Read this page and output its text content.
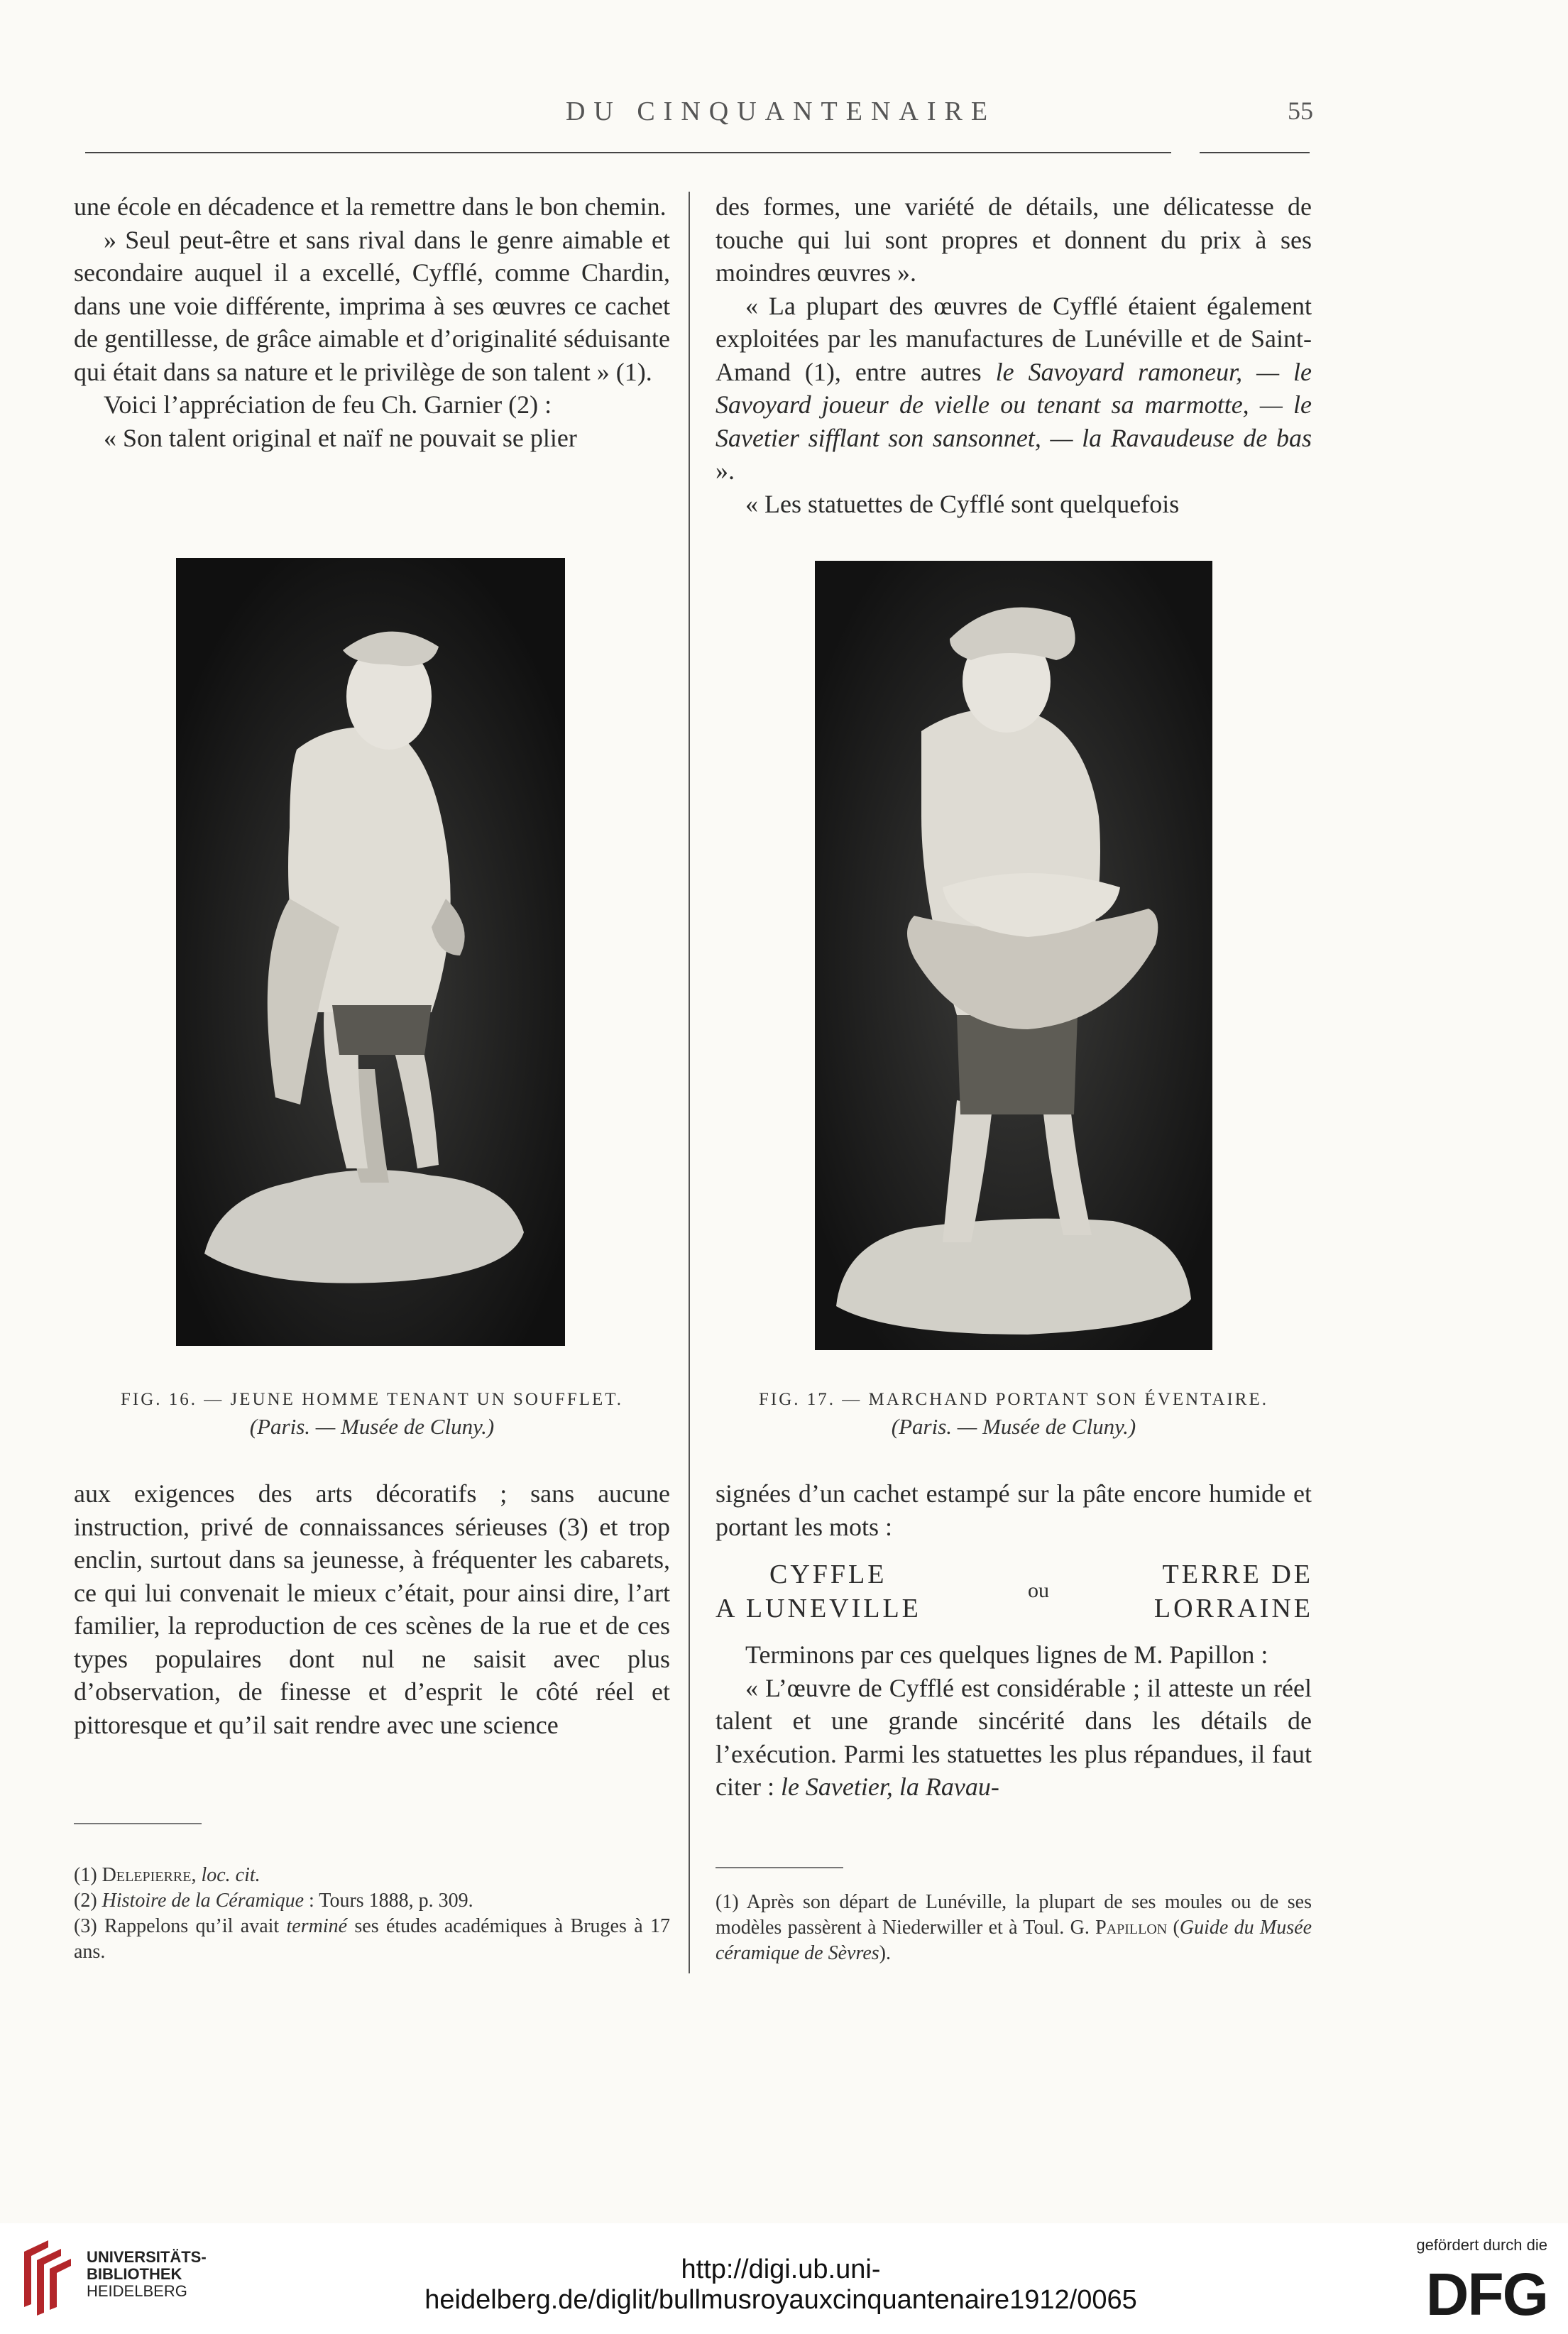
DU CINQUANTENAIRE	55

une école en décadence et la remettre dans le bon chemin.

» Seul peut-être et sans rival dans le genre aimable et secondaire auquel il a excellé, Cyfflé, comme Chardin, dans une voie différente, imprima à ses œuvres ce cachet de gentillesse, de grâce aimable et d’originalité séduisante qui était dans sa nature et le privilège de son talent » (1).

Voici l’appréciation de feu Ch. Garnier (2) :

« Son talent original et naïf ne pouvait se plier

des formes, une variété de détails, une délicatesse de touche qui lui sont propres et donnent du prix à ses moindres œuvres ».

« La plupart des œuvres de Cyfflé étaient également exploitées par les manufactures de Lunéville et de Saint-Amand (1), entre autres le Savoyard ramoneur, — le Savoyard joueur de vielle ou tenant sa marmotte, — le Savetier sifflant son sansonnet, — la Ravaudeuse de bas ».

« Les statuettes de Cyfflé sont quelquefois

FIG. 16. — JEUNE HOMME TENANT UN SOUFFLET.
(Paris. — Musée de Cluny.)
FIG. 17. — MARCHAND PORTANT SON ÉVENTAIRE.
(Paris. — Musée de Cluny.)

aux exigences des arts décoratifs ; sans aucune instruction, privé de connaissances sérieuses (3) et trop enclin, surtout dans sa jeunesse, à fréquenter les cabarets, ce qui lui convenait le mieux c’était, pour ainsi dire, l’art familier, la reproduction de ces scènes de la rue et de ces types populaires dont nul ne saisit avec plus d’observation, de finesse et d’esprit le côté réel et pittoresque et qu’il sait rendre avec une science

signées d’un cachet estampé sur la pâte encore humide et portant les mots :

CYFFLE
A LUNEVILLE
ou
TERRE DE
LORRAINE

Terminons par ces quelques lignes de M. Papillon :

« L’œuvre de Cyfflé est considérable ; il atteste un réel talent et une grande sincérité dans les détails de l’exécution. Parmi les statuettes les plus répandues, il faut citer : le Savetier, la Ravau-

(1) Delepierre, loc. cit.

(2) Histoire de la Céramique : Tours 1888, p. 309.

(3) Rappelons qu’il avait terminé ses études académiques à Bruges à 17 ans.

(1) Après son départ de Lunéville, la plupart de ses moules ou de ses modèles passèrent à Niederwiller et à Toul. G. Papillon (Guide du Musée céramique de Sèvres).

UNIVERSITÄTS-
BIBLIOTHEK
HEIDELBERG
http://digi.ub.uni-heidelberg.de/diglit/bullmusroyauxcinquantenaire1912/0065
gefördert durch die
DFG
